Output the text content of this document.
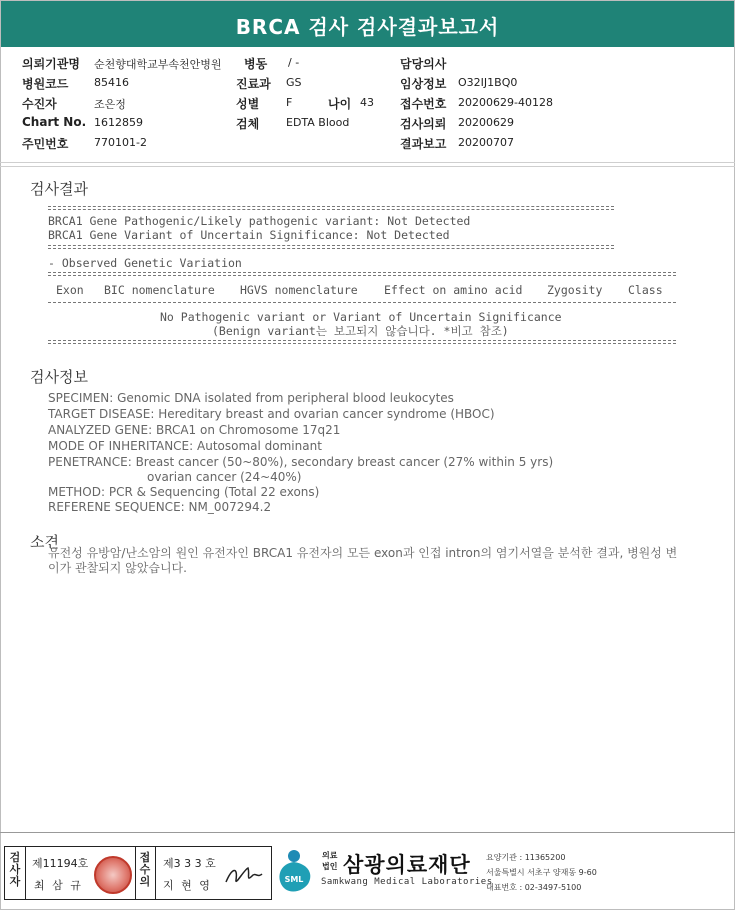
BRCA 검사 검사결과보고서
의뢰기관명 순천향대학교부속천안병원 병동 / -	담당의사
병원코드 85416	진료과 GS	임상정보 O32IJ1BQ0
수진자	조은정	성별 F	나이 43 접수번호 20200629-40128
Chart No. 1612859	검체 EDTA Blood	검사의뢰 20200629
주민번호 770101-2	결과보고 20200707
검사결과
BRCA1 Gene Pathogenic/Likely pathogenic variant: Not Detected
BRCA1 Gene Variant of Uncertain Significance: Not Detected
- Observed Genetic Variation
Exon BIC nomenclature HGVS nomenclature Effect on amino acid Zygosity Class
No Pathogenic variant or Variant of Uncertain Significance
(Benign variant는 보고되지 않습니다. *비고 참조)
검사정보
SPECIMEN: Genomic DNA isolated from peripheral blood leukocytes
TARGET DISEASE: Hereditary breast and ovarian cancer syndrome (HBOC)
ANALYZED GENE: BRCA1 on Chromosome 17q21
MODE OF INHERITANCE: Autosomal dominant
PENETRANCE: Breast cancer (50~80%), secondary breast cancer (27% within 5 yrs)
ovarian cancer (24~40%)
METHOD: PCR & Sequencing (Total 22 exons)
REFERENE SEQUENCE: NM_007294.2
소견
유전성 유방암/난소암의 원인 유전자인 BRCA1 유전자의 모든 exon과 인접 intron의 염기서열을 분석한 결과, 병원성 변이가 관찰되지 않았습니다.
검사자
제11194호
최 삼 규
접수의
제3 3 3 호
지 현 영	SML
의료
법인 삼광의료재단
Samkwang Medical Laboratories
요양기관 : 11365200
서울특별시 서초구 양재동 9-60
대표번호 : 02-3497-5100
